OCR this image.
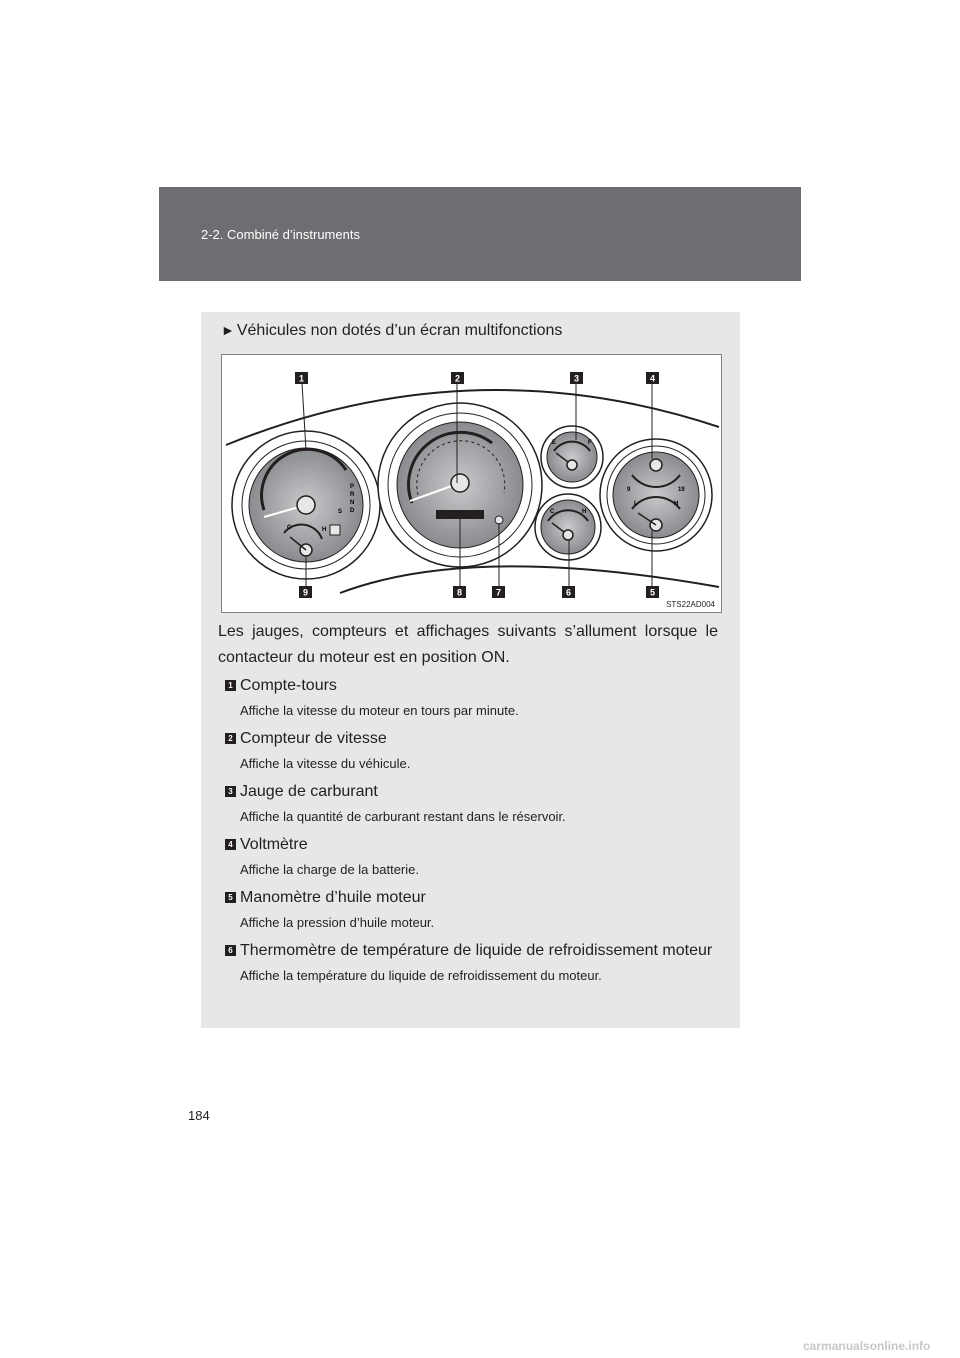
2-2. Combiné d’instruments
► Véhicules non dotés d’un écran multifonctions
P
R
N
D
S
C	H
E	F
C	H
9	19
L	H
1	2	3	4
5
6
7
8
9
STS22AD004
Les jauges, compteurs et affichages suivants s’allument lorsque le contacteur du moteur est en position ON.
1 Compte-tours
Affiche la vitesse du moteur en tours par minute.
2 Compteur de vitesse
Affiche la vitesse du véhicule.
3 Jauge de carburant
Affiche la quantité de carburant restant dans le réservoir.
4 Voltmètre
Affiche la charge de la batterie.
5 Manomètre d’huile moteur
Affiche la pression d’huile moteur.
6 Thermomètre de température de liquide de refroidissement moteur
Affiche la température du liquide de refroidissement du moteur.
184
carmanualsonline.info
